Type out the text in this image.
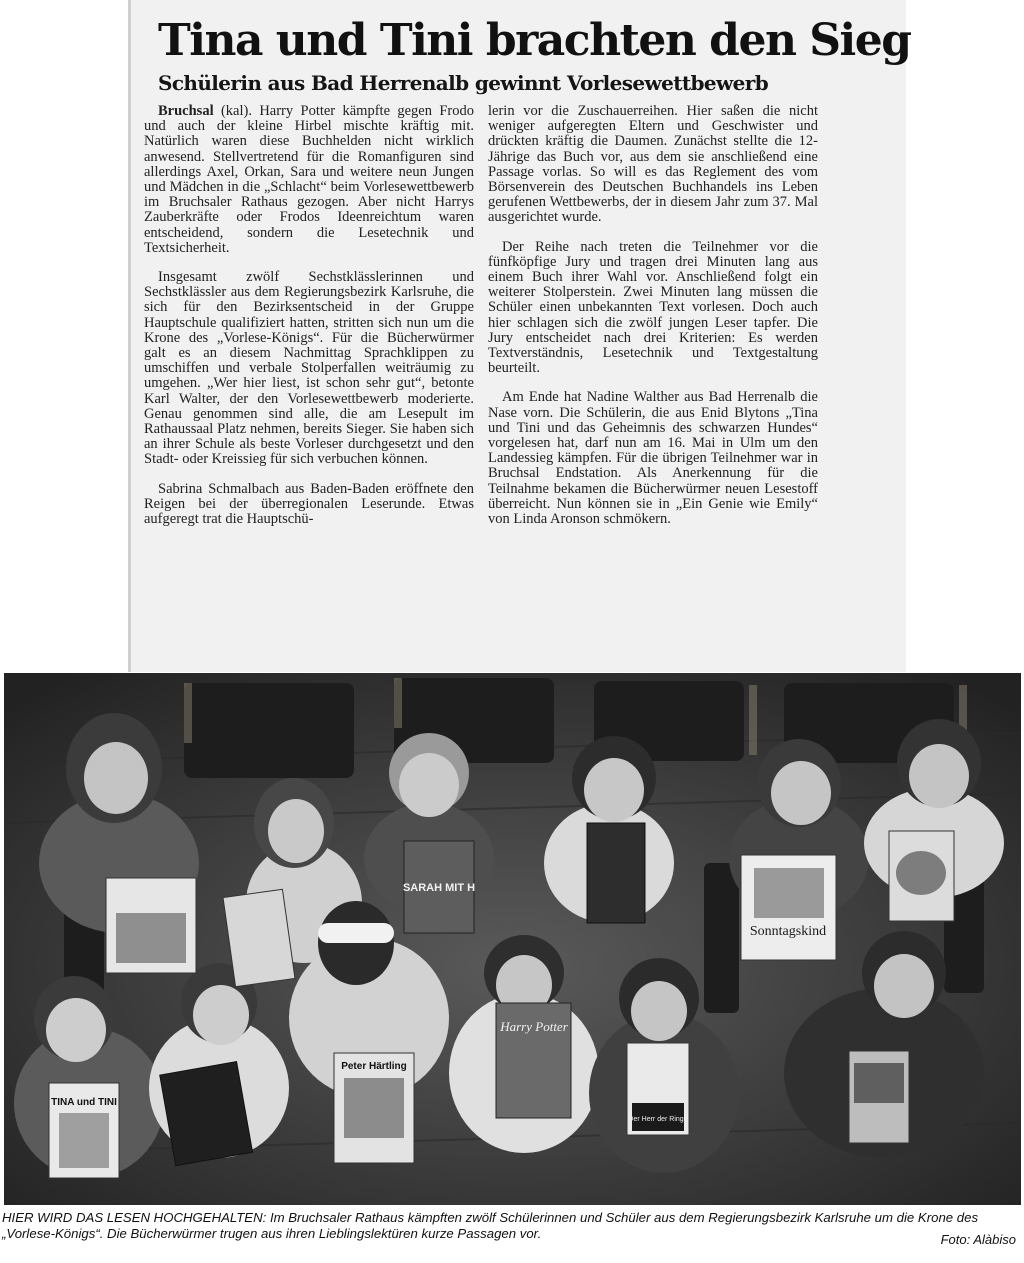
Tina und Tini brachten den Sieg
Schülerin aus Bad Herrenalb gewinnt Vorlesewettbewerb

Bruchsal (kal). Harry Potter kämpfte gegen Frodo und auch der kleine Hirbel mischte kräftig mit. Natürlich waren diese Buchhelden nicht wirklich anwesend. Stellvertretend für die Romanfiguren sind allerdings Axel, Orkan, Sara und weitere neun Jungen und Mädchen in die „Schlacht“ beim Vorlesewettbewerb im Bruchsaler Rathaus gezogen. Aber nicht Harrys Zauberkräfte oder Frodos Ideenreichtum waren entscheidend, sondern die Lesetechnik und Textsicherheit.

Insgesamt zwölf Sechstklässlerinnen und Sechstklässler aus dem Regierungsbezirk Karlsruhe, die sich für den Bezirksentscheid in der Gruppe Hauptschule qualifiziert hatten, stritten sich nun um die Krone des „Vorlese-Königs“. Für die Bücherwürmer galt es an diesem Nachmittag Sprachklippen zu umschiffen und verbale Stolperfallen weiträumig zu umgehen. „Wer hier liest, ist schon sehr gut“, betonte Karl Walter, der den Vorlesewettbewerb moderierte. Genau genommen sind alle, die am Lesepult im Rathaussaal Platz nehmen, bereits Sieger. Sie haben sich an ihrer Schule als beste Vorleser durchgesetzt und den Stadt- oder Kreissieg für sich verbuchen können.

Sabrina Schmalbach aus Baden-Baden eröffnete den Reigen bei der überregionalen Leserunde. Etwas aufgeregt trat die Hauptschü-

lerin vor die Zuschauerreihen. Hier saßen die nicht weniger aufgeregten Eltern und Geschwister und drückten kräftig die Daumen. Zunächst stellte die 12-Jährige das Buch vor, aus dem sie anschließend eine Passage vorlas. So will es das Reglement des vom Börsenverein des Deutschen Buchhandels ins Leben gerufenen Wettbewerbs, der in diesem Jahr zum 37. Mal ausgerichtet wurde.

Der Reihe nach treten die Teilnehmer vor die fünfköpfige Jury und tragen drei Minuten lang aus einem Buch ihrer Wahl vor. Anschließend folgt ein weiterer Stolperstein. Zwei Minuten lang müssen die Schüler einen unbekannten Text vorlesen. Doch auch hier schlagen sich die zwölf jungen Leser tapfer. Die Jury entscheidet nach drei Kriterien: Es werden Textverständnis, Lesetechnik und Textgestaltung beurteilt.

Am Ende hat Nadine Walther aus Bad Herrenalb die Nase vorn. Die Schülerin, die aus Enid Blytons „Tina und Tini und das Geheimnis des schwarzen Hundes“ vorgelesen hat, darf nun am 16. Mai in Ulm um den Landessieg kämpfen. Für die übrigen Teilnehmer war in Bruchsal Endstation. Als Anerkennung für die Teilnahme bekamen die Bücherwürmer neuen Lesestoff überreicht. Nun können sie in „Ein Genie wie Emily“ von Linda Aronson schmökern.

SARAH MIT H
Sonntagskind
TINA und TINI
Peter Härtling
Harry Potter
Der Herr der Ringe

HIER WIRD DAS LESEN HOCHGEHALTEN: Im Bruchsaler Rathaus kämpften zwölf Schülerinnen und Schüler aus dem Regierungsbezirk Karlsruhe um die Krone des „Vorlese-Königs“. Die Bücherwürmer trugen aus ihren Lieblingslektüren kurze Passagen vor.	Foto: Alàbiso
